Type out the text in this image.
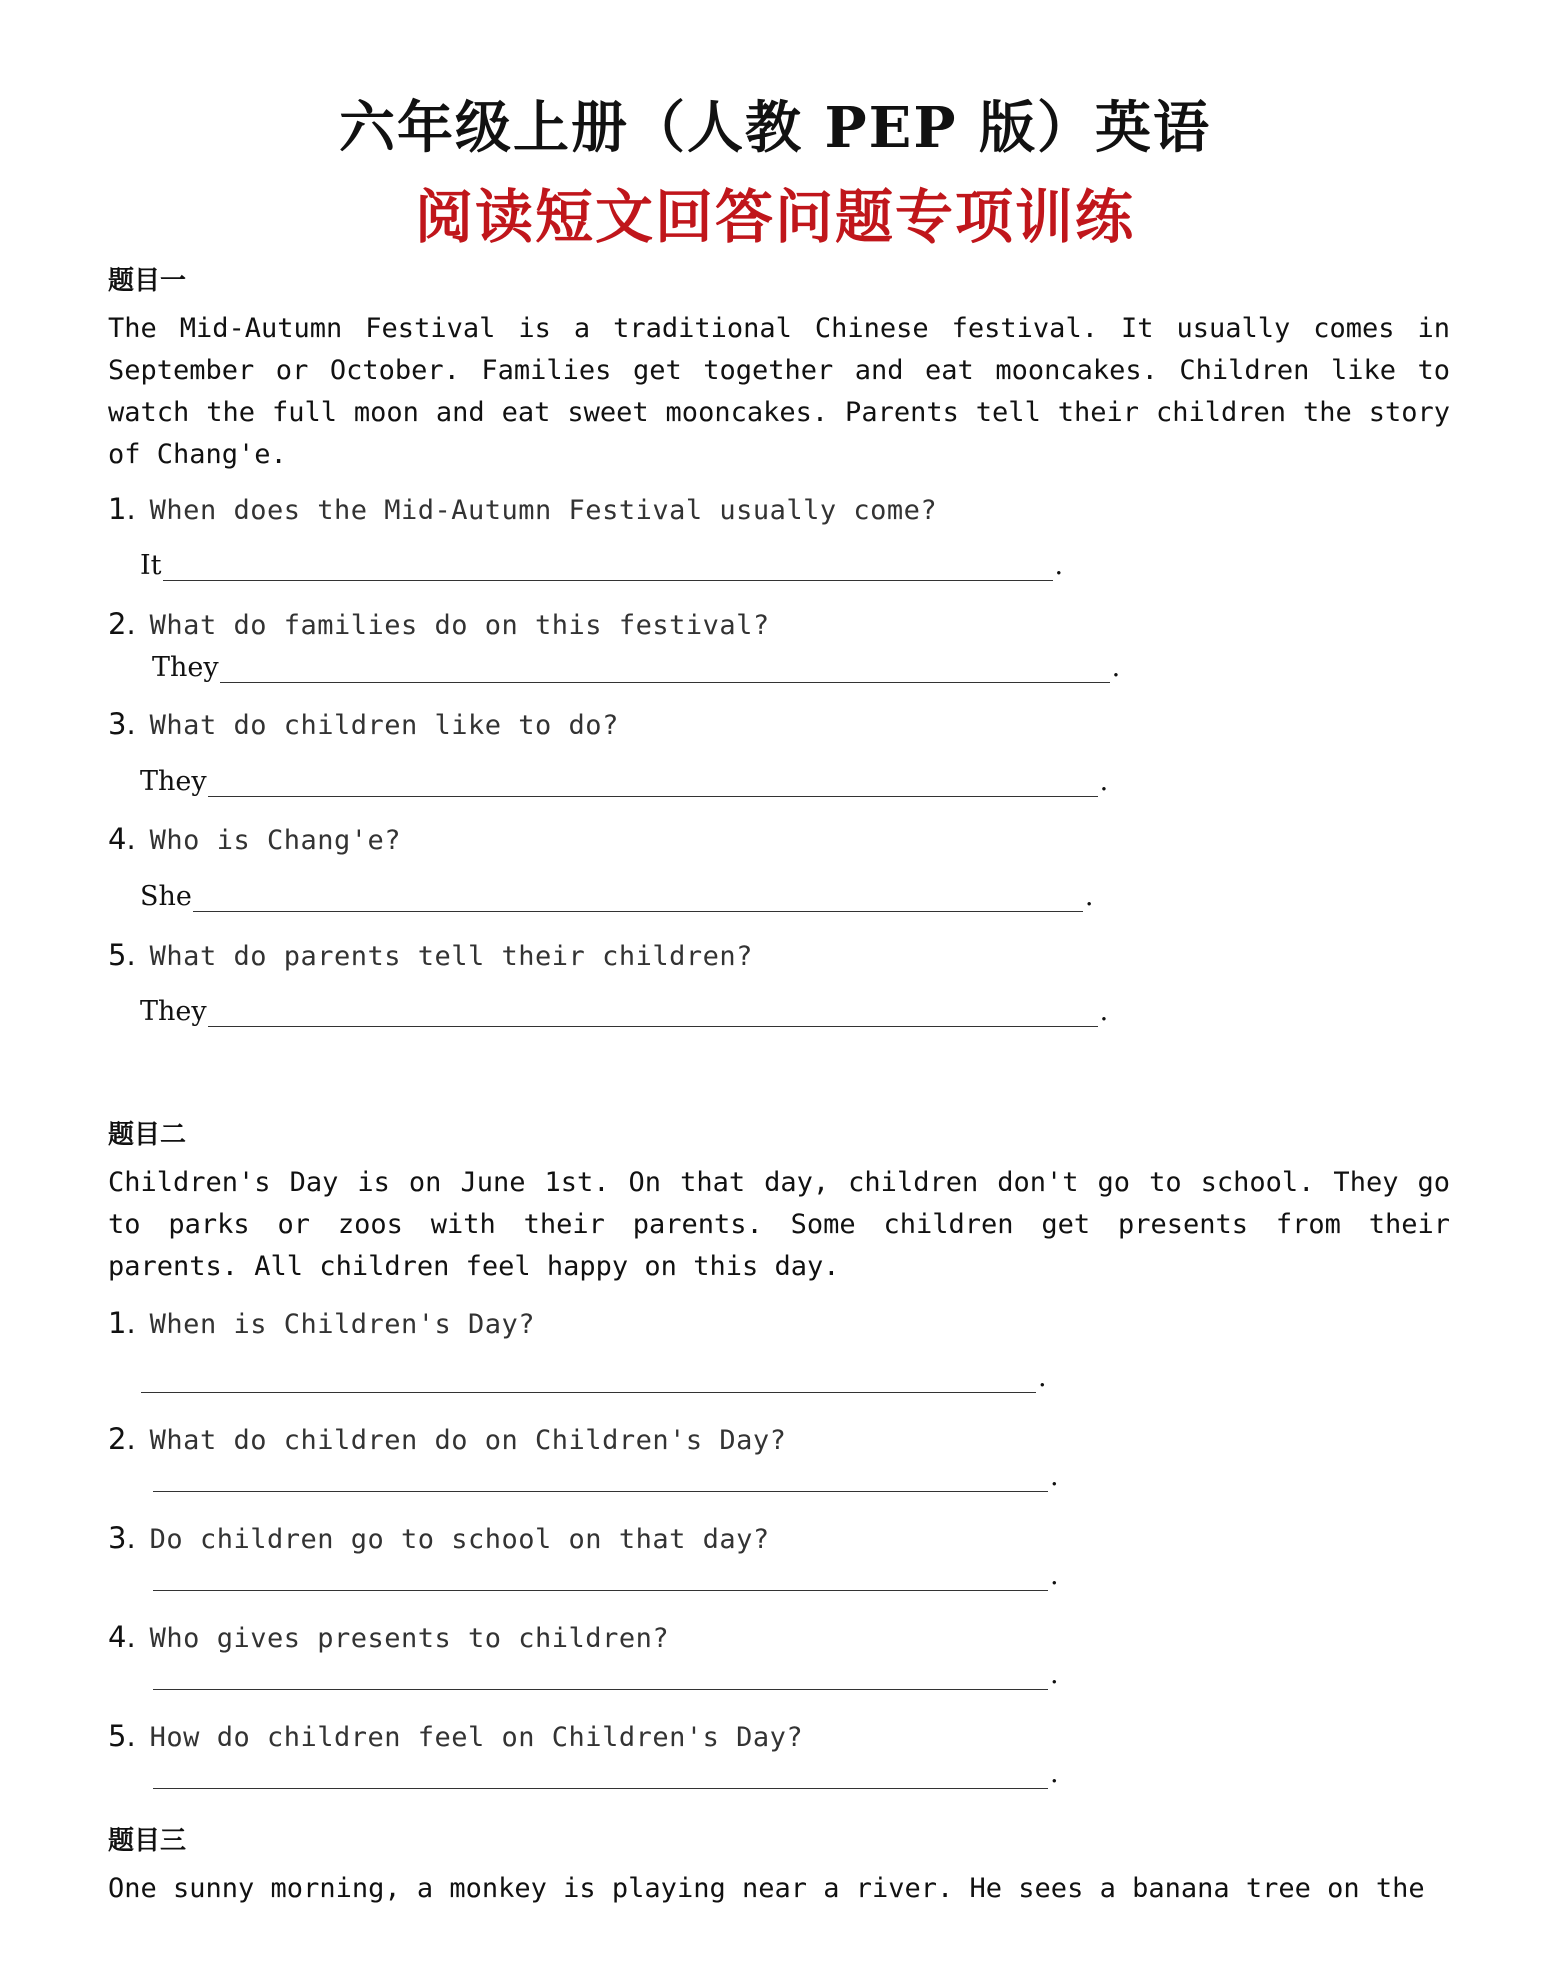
六年级上册（人教 PEP 版）英语
阅读短文回答问题专项训练
题目一

The Mid-Autumn Festival is a traditional Chinese festival. It usually comes in September or October. Families get together and eat mooncakes. Children like to watch the full moon and eat sweet mooncakes. Parents tell their children the story of Chang'e.

1. When does the Mid-Autumn Festival usually come?
It	.
2. What do families do on this festival?
They	.
3. What do children like to do?
They	.
4. Who is Chang'e?
She	.
5. What do parents tell their children?
They	.
题目二

Children's Day is on June 1st. On that day, children don't go to school. They go to parks or zoos with their parents. Some children get presents from their parents. All children feel happy on this day.

1. When is Children's Day?
.
2. What do children do on Children's Day?
.
3. Do children go to school on that day?
.
4. Who gives presents to children?
.
5. How do children feel on Children's Day?
.
题目三

One sunny morning, a monkey is playing near a river. He sees a banana tree on the
